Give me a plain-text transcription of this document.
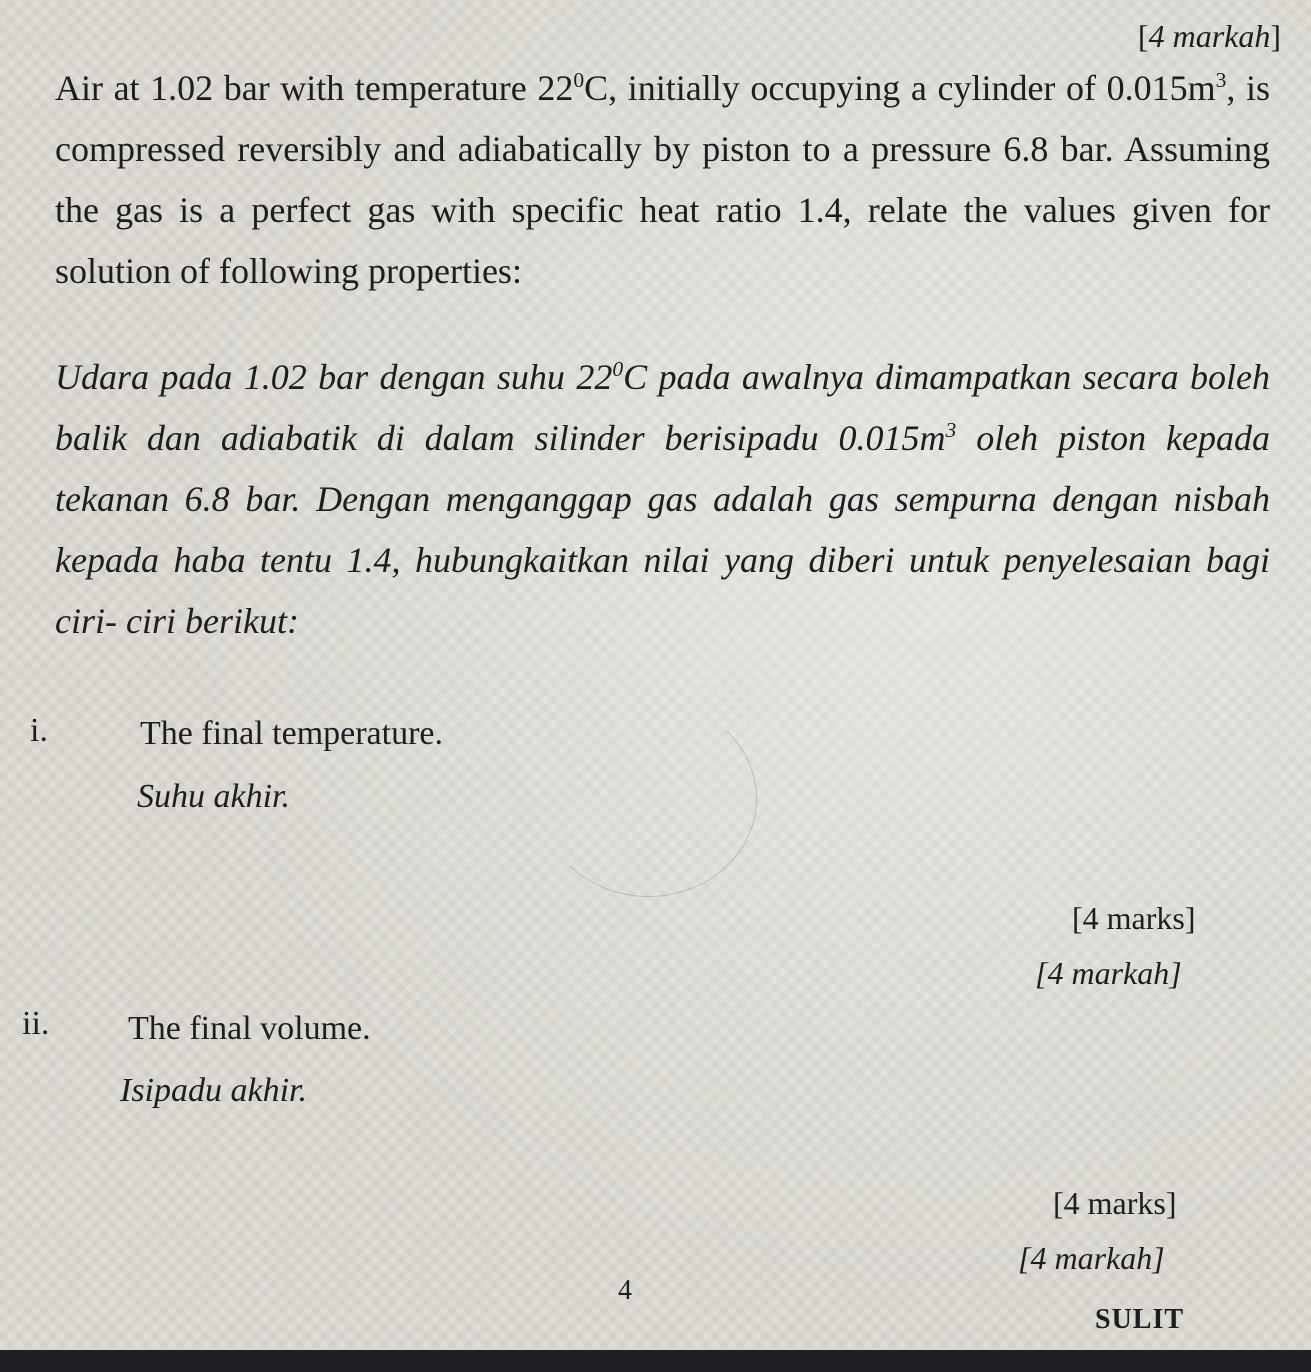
[4 markah]

Air at 1.02 bar with temperature $22^0C$, initially occupying a cylinder of $0.015m^3$, is compressed reversibly and adiabatically by piston to a pressure 6.8 bar. Assuming the gas is a perfect gas with specific heat ratio 1.4, relate the values given for solution of following properties:

Udara pada 1.02 bar dengan suhu $22^0C$ pada awalnya dimampatkan secara boleh balik dan adiabatik di dalam silinder berisipadu $0.015m^3$ oleh piston kepada tekanan 6.8 bar. Dengan menganggap gas adalah gas sempurna dengan nisbah kepada haba tentu 1.4, hubungkaitkan nilai yang diberi untuk penyelesaian bagi ciri- ciri berikut:

i.	The final temperature.
Suhu akhir.
[4 marks]
[4 markah]
ii. The final volume.
Isipadu akhir.
[4 marks]
[4 markah]
4
SULIT
